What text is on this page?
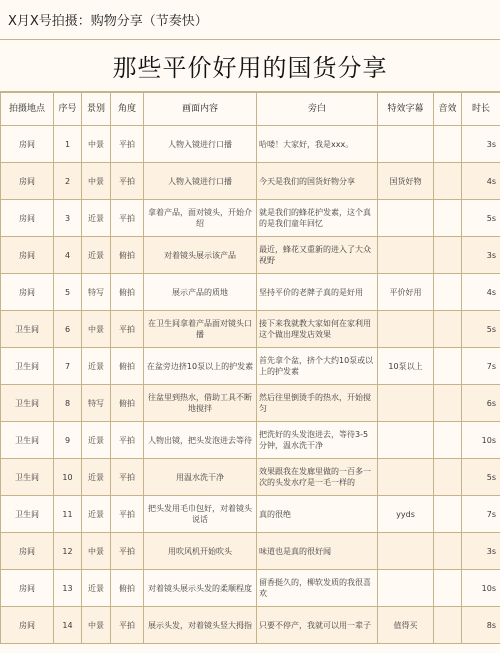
X月X号拍摄：购物分享（节奏快）
那些平价好用的国货分享
拍摄地点	序号	景别	角度	画面内容	旁白	特效字幕	音效	时长
房间	1	中景	平拍	人物入镜进行口播	哈喽！大家好，我是xxx。			3s
房间	2	中景	平拍	人物入镜进行口播	今天是我们的国货好物分享	国货好物		4s
房间	3	近景	平拍	拿着产品，面对镜头，开始介绍	就是我们的蜂花护发素，这个真的是我们童年回忆			5s
房间	4	近景	俯拍	对着镜头展示该产品	最近，蜂花又重新的进入了大众视野			3s
房间	5	特写	俯拍	展示产品的质地	坚持平价的老牌子真的是好用	平价好用		4s
卫生间	6	中景	平拍	在卫生间拿着产品面对镜头口播	接下来我就教大家如何在家利用这个做出理发店效果			5s
卫生间	7	近景	俯拍	在盆旁边挤10泵以上的护发素	首先拿个盆，挤个大约10泵或以上的护发素	10泵以上		7s
卫生间	8	特写	俯拍	往盆里到热水，借助工具不断地搅拌	然后往里倒烫手的热水，开始搅匀			6s
卫生间	9	近景	平拍	人物出镜，把头发泡进去等待	把洗好的头发泡进去，等待3-5分钟，温水洗干净			10s
卫生间	10	近景	平拍	用温水洗干净	效果跟我在发廊里做的一百多一次的头发水疗是一毛一样的			5s
卫生间	11	近景	平拍	把头发用毛巾包好，对着镜头说话	真的很绝	yyds		7s
房间	12	中景	平拍	用吹风机开始吹头	味道也是真的很好闻			3s
房间	13	近景	俯拍	对着镜头展示头发的柔顺程度	留香挺久的，柳软发质的我很喜欢			10s
房间	14	中景	平拍	展示头发，对着镜头竖大拇指	只要不停产，我就可以用一辈子	值得买		8s
